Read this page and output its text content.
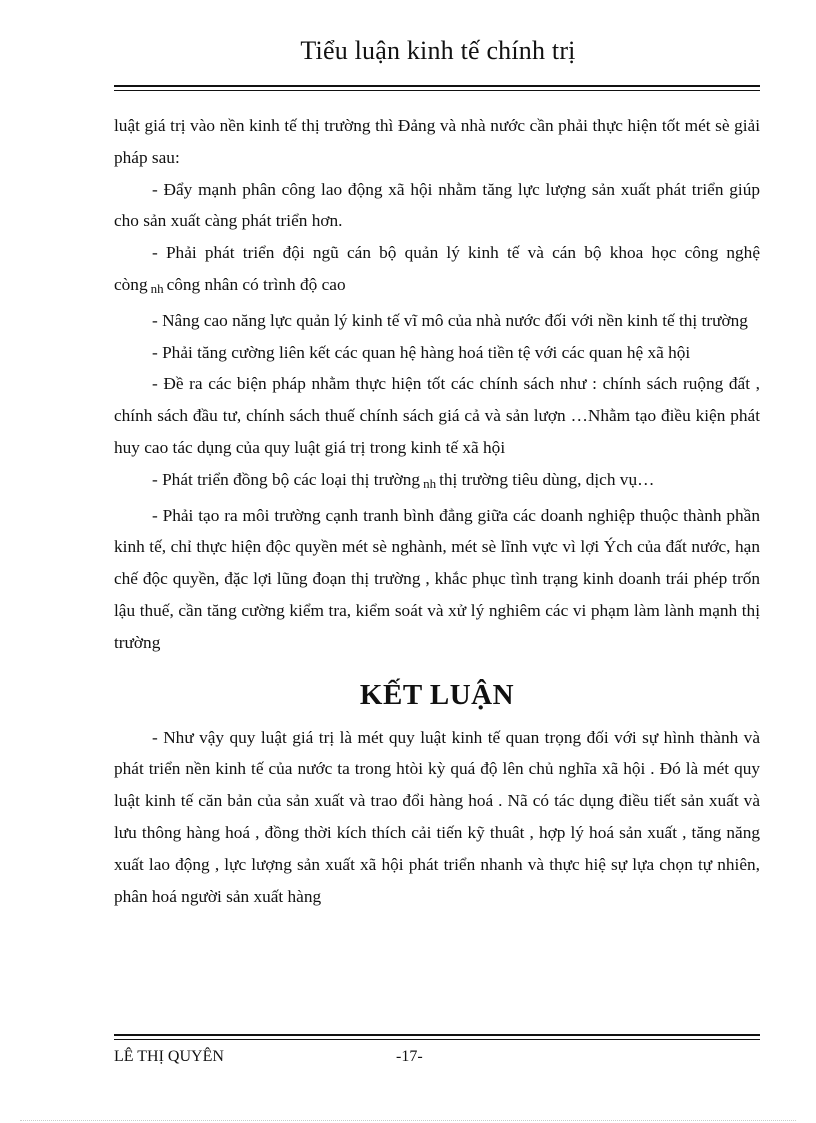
Tiểu luận kinh tế chính trị

luật giá trị vào nền kinh tế thị trường thì Đảng và nhà nước cần phải thực hiện tốt mét sè giải pháp sau:

- Đẩy mạnh phân công lao động xã hội nhằm tăng lực lượng sản xuất phát triển giúp cho sản xuất càng phát triển hơn.

- Phải phát triển đội ngũ cán bộ quản lý kinh tế và cán bộ khoa học công nghệ còng $_{nh}$ công nhân có trình độ cao

- Nâng cao năng lực quản lý kinh tế vĩ mô của nhà nước đối với nền kinh tế thị trường

- Phải tăng cường liên kết các quan hệ hàng hoá tiền tệ với các quan hệ xã hội

- Đề ra các biện pháp nhằm thực hiện tốt các chính sách như : chính sách ruộng đất , chính sách đầu tư, chính sách thuế chính sách giá cả và sản lượn …Nhằm tạo điều kiện phát huy cao tác dụng của quy luật giá trị trong kinh tế xã hội

- Phát triển đồng bộ các loại thị trường $_{nh}$ thị trường tiêu dùng, dịch vụ…

- Phải tạo ra môi trường cạnh tranh bình đẳng giữa các doanh nghiệp thuộc thành phần kinh tế, chỉ thực hiện độc quyền mét sè nghành, mét sè lĩnh vực vì lợi Ých của đất nước, hạn chế độc quyền, đặc lợi lũng đoạn thị trường , khắc phục tình trạng kinh doanh trái phép trốn lậu thuế, cần tăng cường kiểm tra, kiểm soát và xử lý nghiêm các vi phạm làm lành mạnh thị trường

KẾT LUẬN

- Như vậy quy luật giá trị là mét quy luật kinh tế quan trọng đối với sự hình thành và phát triển nền kinh tế của nước ta trong htòi kỳ quá độ lên chủ nghĩa xã hội . Đó là mét quy luật kinh tế căn bản của sản xuất và trao đổi hàng hoá . Nã có tác dụng điều tiết sản xuất và lưu thông hàng hoá , đồng thời kích thích cải tiến kỹ thuât , hợp lý hoá sản xuất , tăng năng xuất lao động , lực lượng sản xuất xã hội phát triển nhanh và thực hiệ sự lựa chọn tự nhiên, phân hoá người sản xuất hàng

LÊ THỊ QUYÊN	-17-
